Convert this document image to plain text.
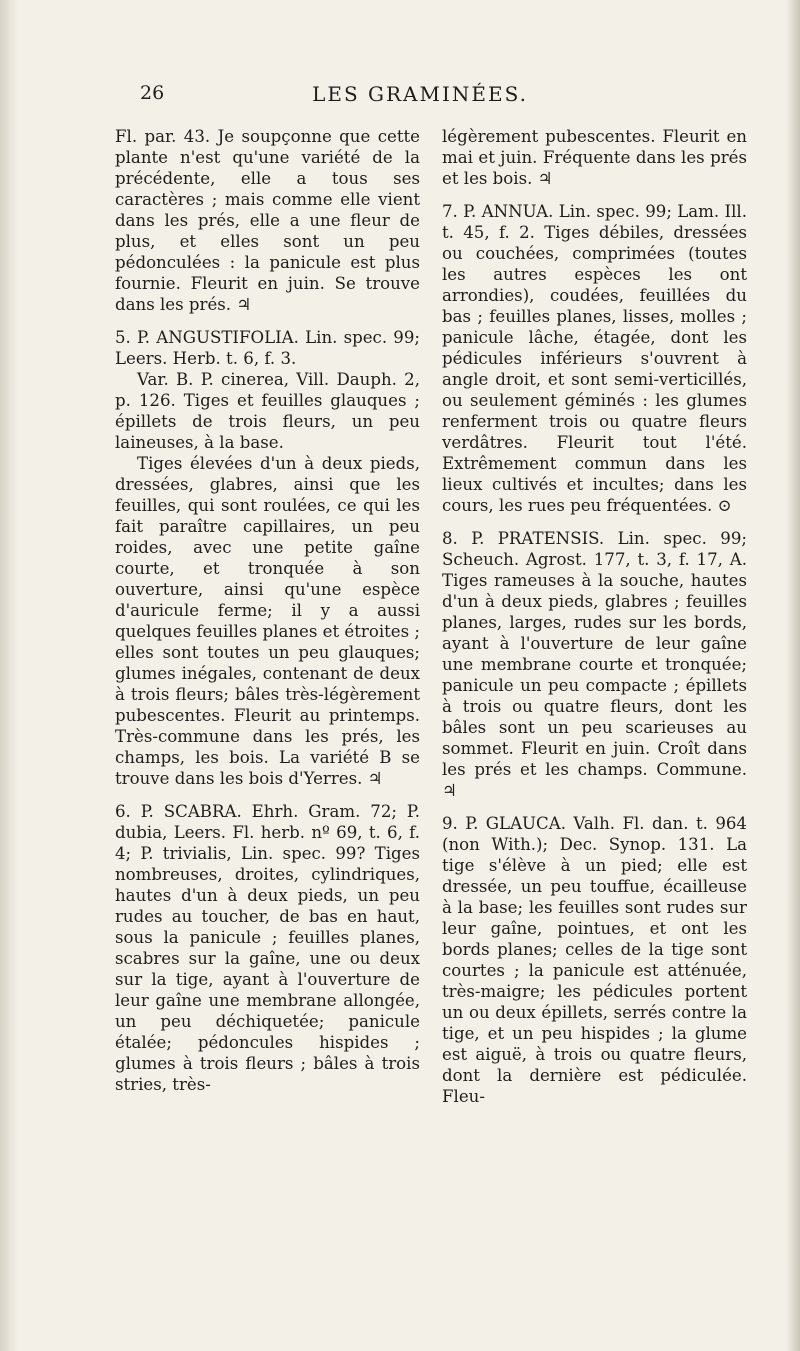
26	LES GRAMINÉES.

Fl. par. 43. Je soupçonne que cette plante n'est qu'une variété de la précédente, elle a tous ses caractères ; mais comme elle vient dans les prés, elle a une fleur de plus, et elles sont un peu pédonculées : la panicule est plus fournie. Fleurit en juin. Se trouve dans les prés. ♃

5. P. ANGUSTIFOLIA. Lin. spec. 99; Leers. Herb. t. 6, f. 3.

Var. B. P. cinerea, Vill. Dauph. 2, p. 126. Tiges et feuilles glauques ; épillets de trois fleurs, un peu laineuses, à la base.

Tiges élevées d'un à deux pieds, dressées, glabres, ainsi que les feuilles, qui sont roulées, ce qui les fait paraître capillaires, un peu roides, avec une petite gaîne courte, et tronquée à son ouverture, ainsi qu'une espèce d'auricule ferme; il y a aussi quelques feuilles planes et étroites ; elles sont toutes un peu glauques; glumes inégales, contenant de deux à trois fleurs; bâles très-légèrement pubescentes. Fleurit au printemps. Très-commune dans les prés, les champs, les bois. La variété B se trouve dans les bois d'Yerres. ♃

6. P. SCABRA. Ehrh. Gram. 72; P. dubia, Leers. Fl. herb. nº 69, t. 6, f. 4; P. trivialis, Lin. spec. 99? Tiges nombreuses, droites, cylindriques, hautes d'un à deux pieds, un peu rudes au toucher, de bas en haut, sous la panicule ; feuilles planes, scabres sur la gaîne, une ou deux sur la tige, ayant à l'ouverture de leur gaîne une membrane allongée, un peu déchiquetée; panicule étalée; pédoncules hispides ; glumes à trois fleurs ; bâles à trois stries, très-

légèrement pubescentes. Fleurit en mai et juin. Fréquente dans les prés et les bois. ♃

7. P. ANNUA. Lin. spec. 99; Lam. Ill. t. 45, f. 2. Tiges débiles, dressées ou couchées, comprimées (toutes les autres espèces les ont arrondies), coudées, feuillées du bas ; feuilles planes, lisses, molles ; panicule lâche, étagée, dont les pédicules inférieurs s'ouvrent à angle droit, et sont semi-verticillés, ou seulement géminés : les glumes renferment trois ou quatre fleurs verdâtres. Fleurit tout l'été. Extrêmement commun dans les lieux cultivés et incultes; dans les cours, les rues peu fréquentées. ⊙

8. P. PRATENSIS. Lin. spec. 99; Scheuch. Agrost. 177, t. 3, f. 17, A. Tiges rameuses à la souche, hautes d'un à deux pieds, glabres ; feuilles planes, larges, rudes sur les bords, ayant à l'ouverture de leur gaîne une membrane courte et tronquée; panicule un peu compacte ; épillets à trois ou quatre fleurs, dont les bâles sont un peu scarieuses au sommet. Fleurit en juin. Croît dans les prés et les champs. Commune. ♃

9. P. GLAUCA. Valh. Fl. dan. t. 964 (non With.); Dec. Synop. 131. La tige s'élève à un pied; elle est dressée, un peu touffue, écailleuse à la base; les feuilles sont rudes sur leur gaîne, pointues, et ont les bords planes; celles de la tige sont courtes ; la panicule est atténuée, très-maigre; les pédicules portent un ou deux épillets, serrés contre la tige, et un peu hispides ; la glume est aiguë, à trois ou quatre fleurs, dont la dernière est pédiculée. Fleu-
